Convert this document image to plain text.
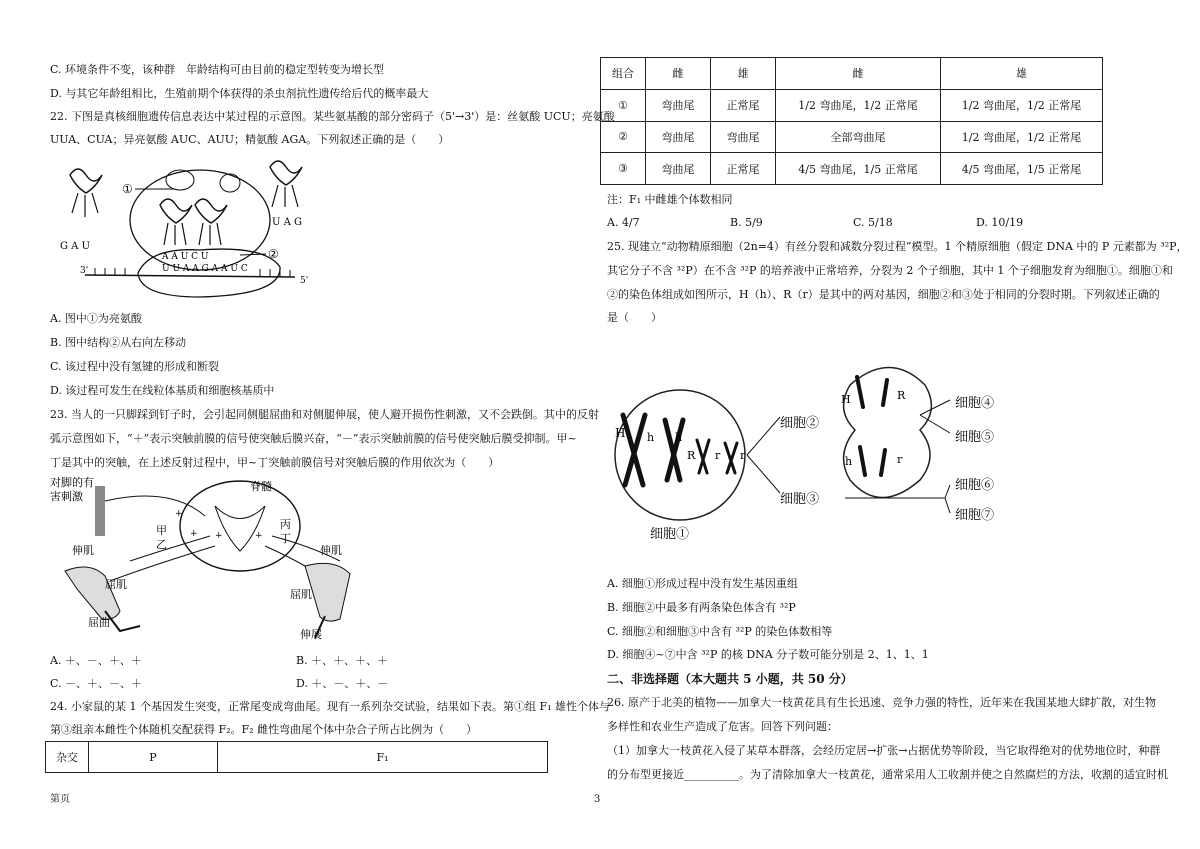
C. 环境条件不变，该种群　年龄结构可由目前的稳定型转变为增长型
D. 与其它年龄组相比，生殖前期个体获得的杀虫剂抗性遗传给后代的概率最大
22. 下图是真核细胞遗传信息表达中某过程的示意图。某些氨基酸的部分密码子（5'→3'）是：丝氨酸 UCU；亮氨酸
UUA、CUA；异亮氨酸 AUC、AUU；精氨酸 AGA。下列叙述正确的是（　　）
①
②
G A U
U A G
A A U C U
U U A A G A A U C
3'
5'
A. 图中①为亮氨酸
B. 图中结构②从右向左移动
C. 该过程中没有氢键的形成和断裂
D. 该过程可发生在线粒体基质和细胞核基质中
23. 当人的一只脚踩到钉子时，会引起同侧腿屈曲和对侧腿伸展，使人避开损伤性刺激，又不会跌倒。其中的反射
弧示意图如下，“＋”表示突触前膜的信号使突触后膜兴奋，“－”表示突触前膜的信号使突触后膜受抑制。甲~
丁是其中的突触，在上述反射过程中，甲~丁突触前膜信号对突触后膜的作用依次为（　　）
+
+ +	+
对脚的有
害刺激
脊髓
甲
乙
丙
丁
伸肌
屈肌
屈曲
伸肌
屈肌
伸展
A. ＋、－、＋、＋	B. ＋、＋、＋、＋
C. －、＋、－、＋	D. ＋、－、＋、－
24. 小家鼠的某 1 个基因发生突变，正常尾变成弯曲尾。现有一系列杂交试验，结果如下表。第①组 F₁ 雄性个体与
第③组亲本雌性个体随机交配获得 F₂。F₂ 雌性弯曲尾个体中杂合子所占比例为（　　）
杂交	P	F₁
组合	雌	雄	雌	雄
①	弯曲尾	正常尾	1/2 弯曲尾，1/2 正常尾	1/2 弯曲尾，1/2 正常尾
②	弯曲尾	弯曲尾	全部弯曲尾	1/2 弯曲尾，1/2 正常尾
③	弯曲尾	正常尾	4/5 弯曲尾，1/5 正常尾	4/5 弯曲尾，1/5 正常尾
注：F₁ 中雌雄个体数相同
A. 4/7	B. 5/9	C. 5/18	D. 10/19
25. 现建立“动物精原细胞（2n=4）有丝分裂和减数分裂过程”模型。1 个精原细胞（假定 DNA 中的 P 元素都为 ³²P，
其它分子不含 ³²P）在不含 ³²P 的培养液中正常培养，分裂为 2 个子细胞，其中 1 个子细胞发育为细胞①。细胞①和
②的染色体组成如图所示，H（h）、R（r）是其中的两对基因，细胞②和③处于相同的分裂时期。下列叙述正确的
是（　　）
H h h
R r r
细胞①
细胞②
细胞③
H	R
h	r
细胞④
细胞⑤
细胞⑥
细胞⑦
A. 细胞①形成过程中没有发生基因重组
B. 细胞②中最多有两条染色体含有 ³²P
C. 细胞②和细胞③中含有 ³²P 的染色体数相等
D. 细胞④~⑦中含 ³²P 的核 DNA 分子数可能分别是 2、1、1、1
二、非选择题（本大题共 5 小题，共 50 分）
26. 原产于北美的植物——加拿大一枝黄花具有生长迅速、竞争力强的特性，近年来在我国某地大肆扩散，对生物
多样性和农业生产造成了危害。回答下列问题：
（1）加拿大一枝黄花入侵了某草本群落，会经历定居→扩张→占据优势等阶段，当它取得绝对的优势地位时，种群
的分布型更接近__________。为了清除加拿大一枝黄花，通常采用人工收割并使之自然腐烂的方法，收割的适宜时机
第页	3
